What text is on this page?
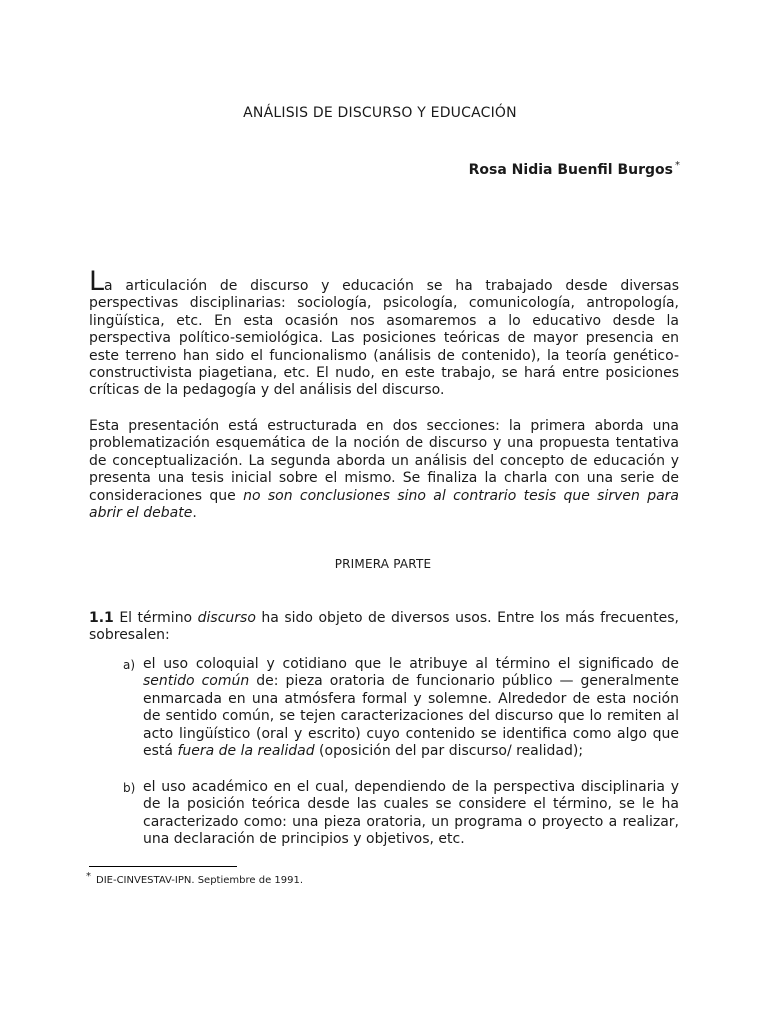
ANÁLISIS DE DISCURSO Y EDUCACIÓN
Rosa Nidia Buenfil Burgos *
La articulación de discurso y educación se ha trabajado desde diversas perspectivas disciplinarias: sociología, psicología, comunicología, antropología, lingüística, etc. En esta ocasión nos asomaremos a lo educativo desde la perspectiva político-semiológica. Las posiciones teóricas de mayor presencia en este terreno han sido el funcionalismo (análisis de contenido), la teoría genético-constructivista piagetiana, etc. El nudo, en este trabajo, se hará entre posiciones críticas de la pedagogía y del análisis del discurso.
Esta presentación está estructurada en dos secciones: la primera aborda una problematización esquemática de la noción de discurso y una propuesta tentativa de conceptualización. La segunda aborda un análisis del concepto de educación y presenta una tesis inicial sobre el mismo. Se finaliza la charla con una serie de consideraciones que no son conclusiones sino al contrario tesis que sirven para abrir el debate.
PRIMERA PARTE
1.1 El término discurso ha sido objeto de diversos usos. Entre los más frecuentes, sobresalen:
a) el uso coloquial y cotidiano que le atribuye al término el significado de sentido común de: pieza oratoria de funcionario público — generalmente enmarcada en una atmósfera formal y solemne. Alrededor de esta noción de sentido común, se tejen caracterizaciones del discurso que lo remiten al acto lingüístico (oral y escrito) cuyo contenido se identifica como algo que está fuera de la realidad (oposición del par discurso/ realidad);
b) el uso académico en el cual, dependiendo de la perspectiva disciplinaria y de la posición teórica desde las cuales se considere el término, se le ha caracterizado como: una pieza oratoria, un programa o proyecto a realizar, una declaración de principios y objetivos, etc.
* DIE-CINVESTAV-IPN. Septiembre de 1991.
